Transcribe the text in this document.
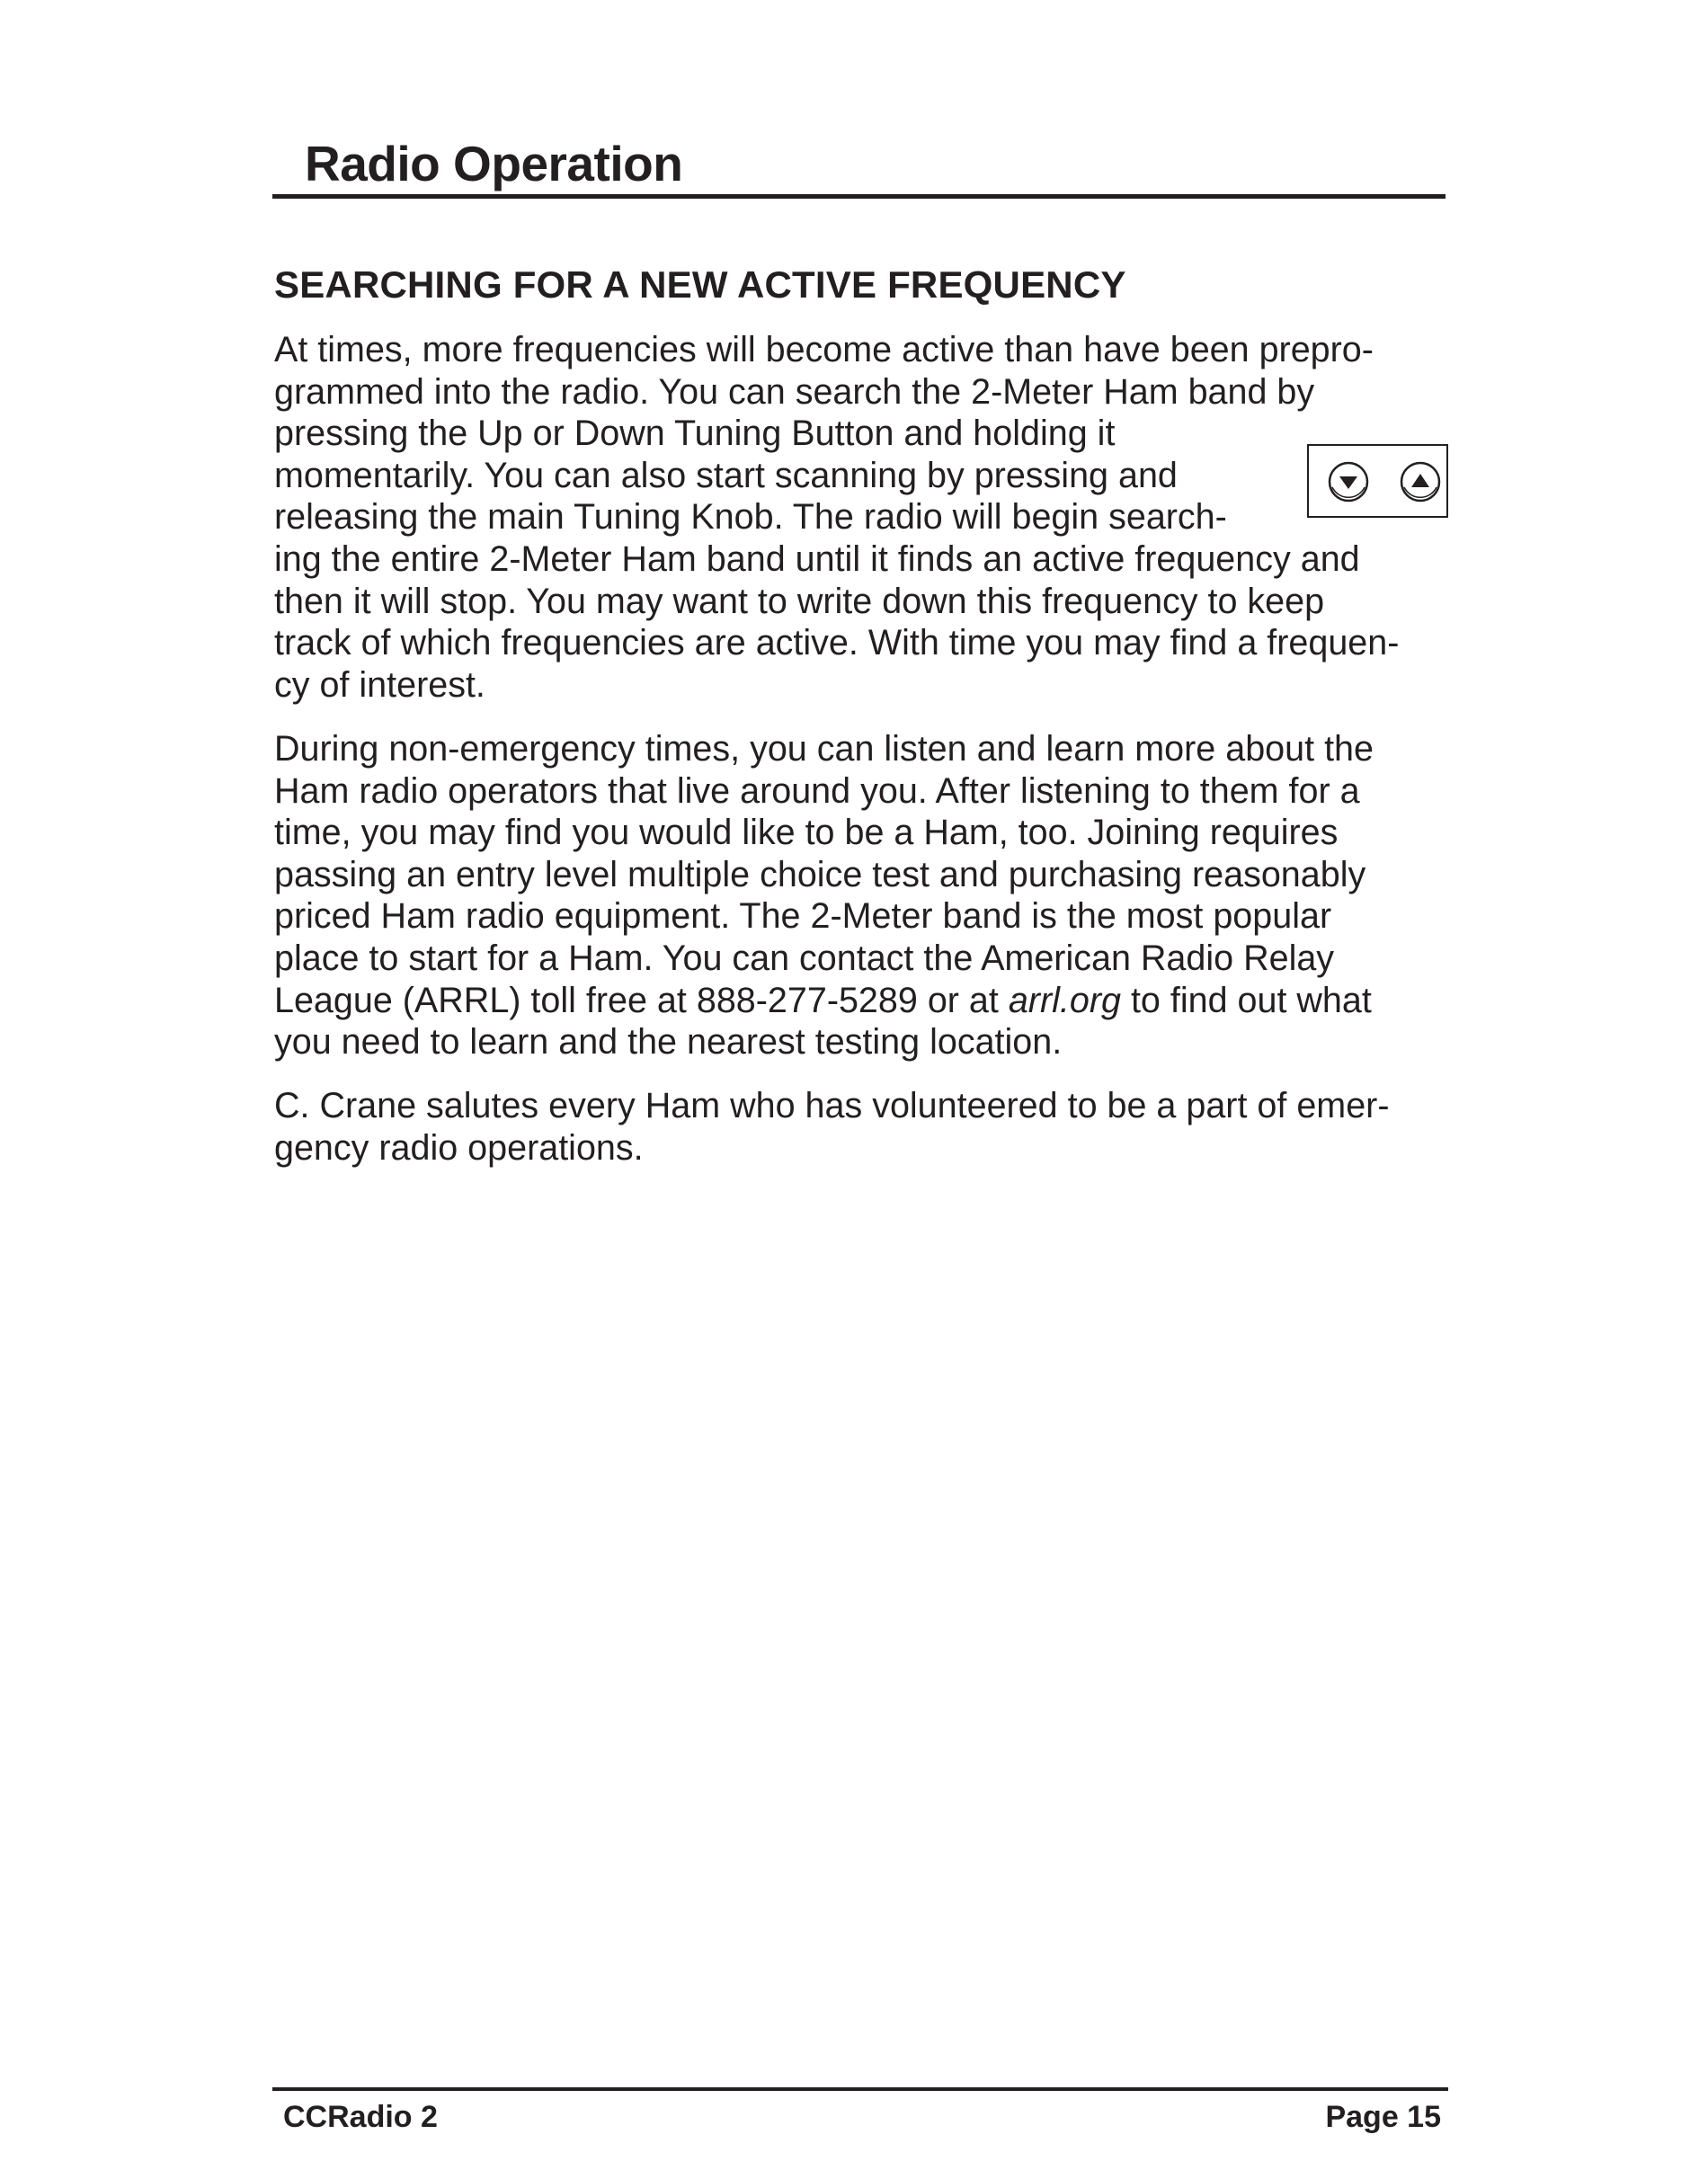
Radio Operation
SEARCHING FOR A NEW ACTIVE FREQUENCY
At times, more frequencies will become active than have been prepro-
grammed into the radio. You can search the 2-Meter Ham band by
pressing the Up or Down Tuning Button and holding it
momentarily. You can also start scanning by pressing and
releasing the main Tuning Knob. The radio will begin search-
ing the entire 2-Meter Ham band until it finds an active frequency and
then it will stop. You may want to write down this frequency to keep
track of which frequencies are active. With time you may find a frequen-
cy of interest.
During non-emergency times, you can listen and learn more about the
Ham radio operators that live around you. After listening to them for a
time, you may find you would like to be a Ham, too. Joining requires
passing an entry level multiple choice test and purchasing reasonably
priced Ham radio equipment. The 2-Meter band is the most popular
place to start for a Ham. You can contact the American Radio Relay
League (ARRL) toll free at 888-277-5289 or at arrl.org to find out what
you need to learn and the nearest testing location.
C. Crane salutes every Ham who has volunteered to be a part of emer-
gency radio operations.
CCRadio 2	Page 15
